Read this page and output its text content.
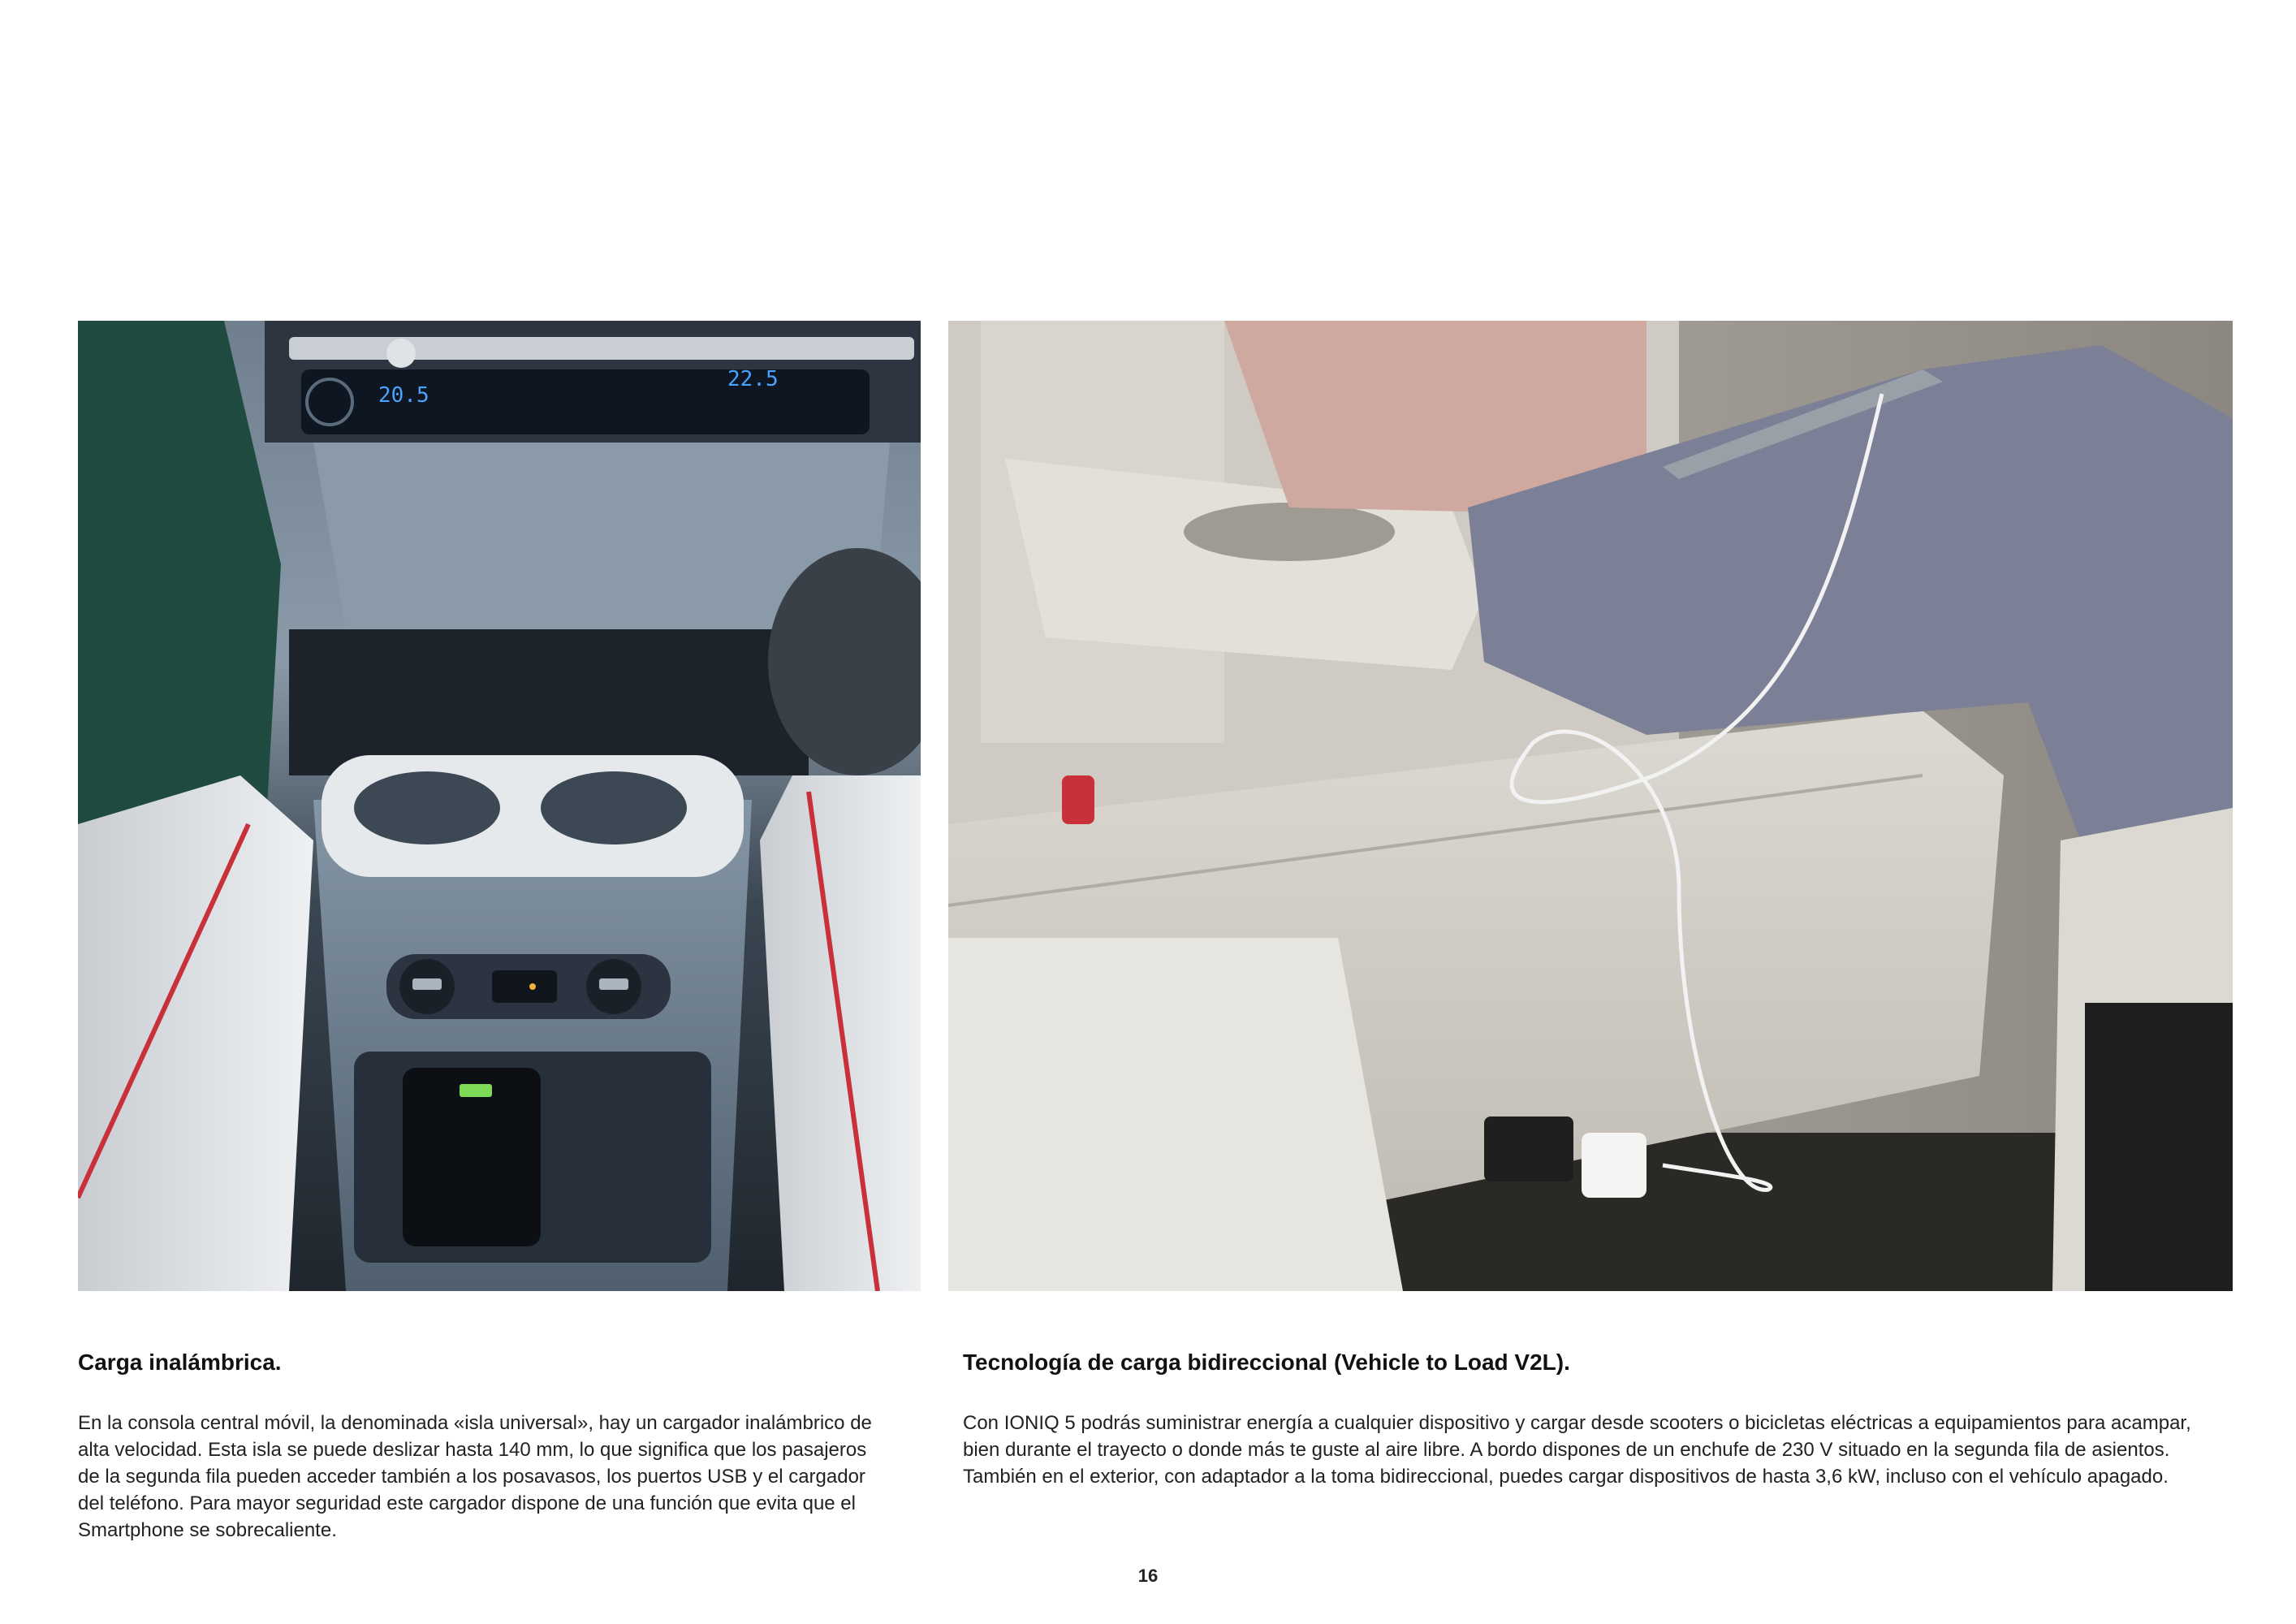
20.5
22.5
Carga inalámbrica.

En la consola central móvil, la denominada «isla universal», hay un cargador inalámbrico de alta velocidad. Esta isla se puede deslizar hasta 140 mm, lo que significa que los pasajeros de la segunda fila pueden acceder también a los posavasos, los puertos USB y el cargador del teléfono. Para mayor seguridad este cargador dispone de una función que evita que el Smartphone se sobrecaliente.

Tecnología de carga bidireccional (Vehicle to Load V2L).

Con IONIQ 5 podrás suministrar energía a cualquier dispositivo y cargar desde scooters o bicicletas eléctricas a equipamientos para acampar, bien durante el trayecto o donde más te guste al aire libre. A bordo dispones de un enchufe de 230 V situado en la segunda fila de asientos. También en el exterior, con adaptador a la toma bidireccional, puedes cargar dispositivos de hasta 3,6 kW, incluso con el vehículo apagado.

16
